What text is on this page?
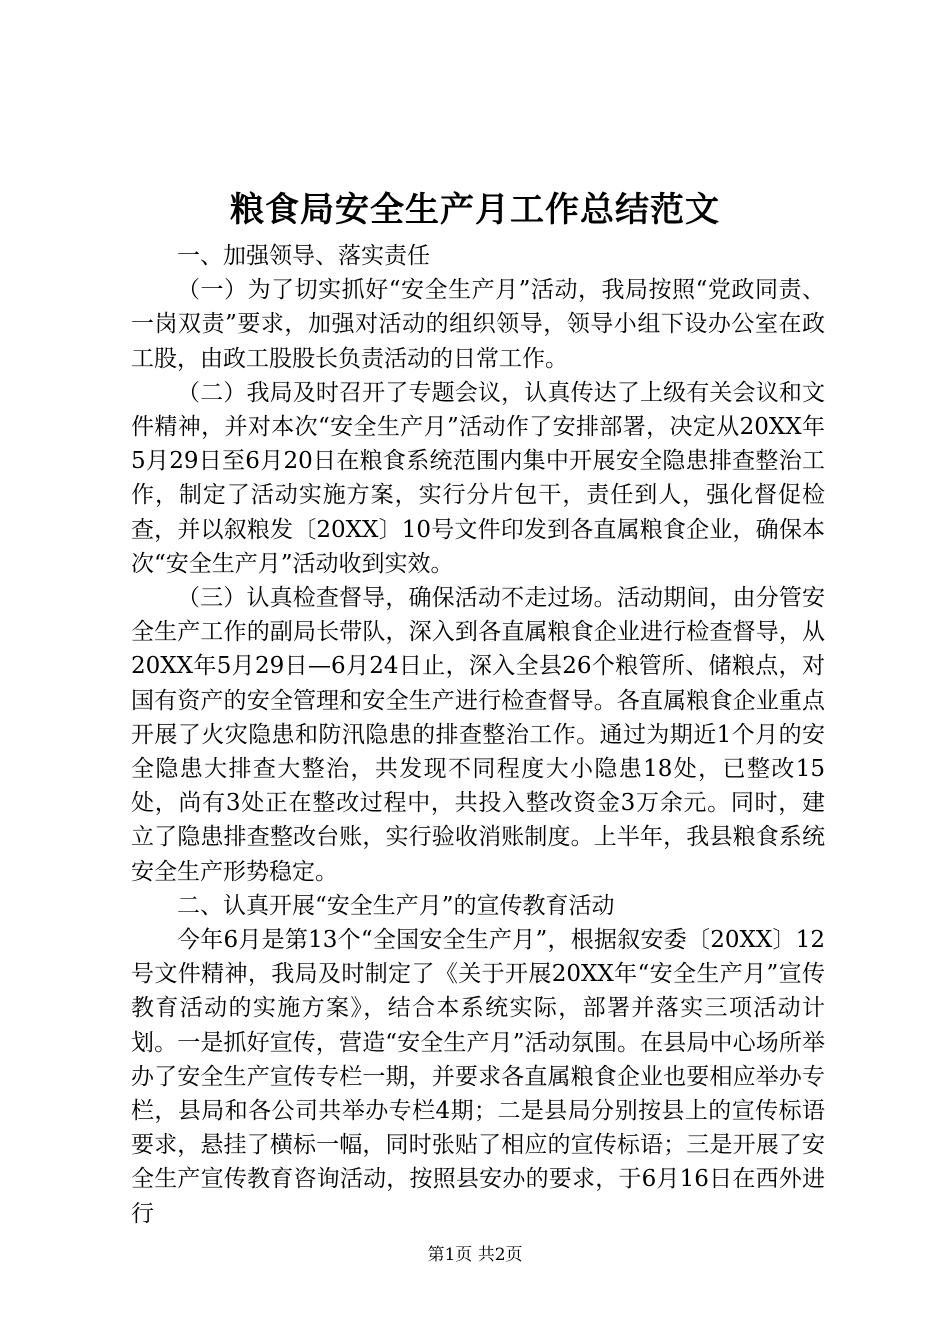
粮食局安全生产月工作总结范文

一、加强领导、落实责任

（一）为了切实抓好“安全生产月”活动，我局按照“党政同责、一岗双责”要求，加强对活动的组织领导，领导小组下设办公室在政工股，由政工股股长负责活动的日常工作。

（二）我局及时召开了专题会议，认真传达了上级有关会议和文件精神，并对本次“安全生产月”活动作了安排部署，决定从20XX年5月29日至6月20日在粮食系统范围内集中开展安全隐患排查整治工作，制定了活动实施方案，实行分片包干，责任到人，强化督促检查，并以叙粮发〔20XX〕10号文件印发到各直属粮食企业，确保本次“安全生产月”活动收到实效。

（三）认真检查督导，确保活动不走过场。活动期间，由分管安全生产工作的副局长带队，深入到各直属粮食企业进行检查督导，从20XX年5月29日—6月24日止，深入全县26个粮管所、储粮点，对国有资产的安全管理和安全生产进行检查督导。各直属粮食企业重点开展了火灾隐患和防汛隐患的排查整治工作。通过为期近1个月的安全隐患大排查大整治，共发现不同程度大小隐患18处，已整改15处，尚有3处正在整改过程中，共投入整改资金3万余元。同时，建立了隐患排查整改台账，实行验收消账制度。上半年，我县粮食系统安全生产形势稳定。

二、认真开展“安全生产月”的宣传教育活动

今年6月是第13个“全国安全生产月”，根据叙安委〔20XX〕12号文件精神，我局及时制定了《关于开展20XX年“安全生产月”宣传教育活动的实施方案》，结合本系统实际，部署并落实三项活动计划。一是抓好宣传，营造“安全生产月”活动氛围。在县局中心场所举办了安全生产宣传专栏一期，并要求各直属粮食企业也要相应举办专栏，县局和各公司共举办专栏4期；二是县局分别按县上的宣传标语要求，悬挂了横标一幅，同时张贴了相应的宣传标语；三是开展了安全生产宣传教育咨询活动，按照县安办的要求，于6月16日在西外进行

第1页 共2页
